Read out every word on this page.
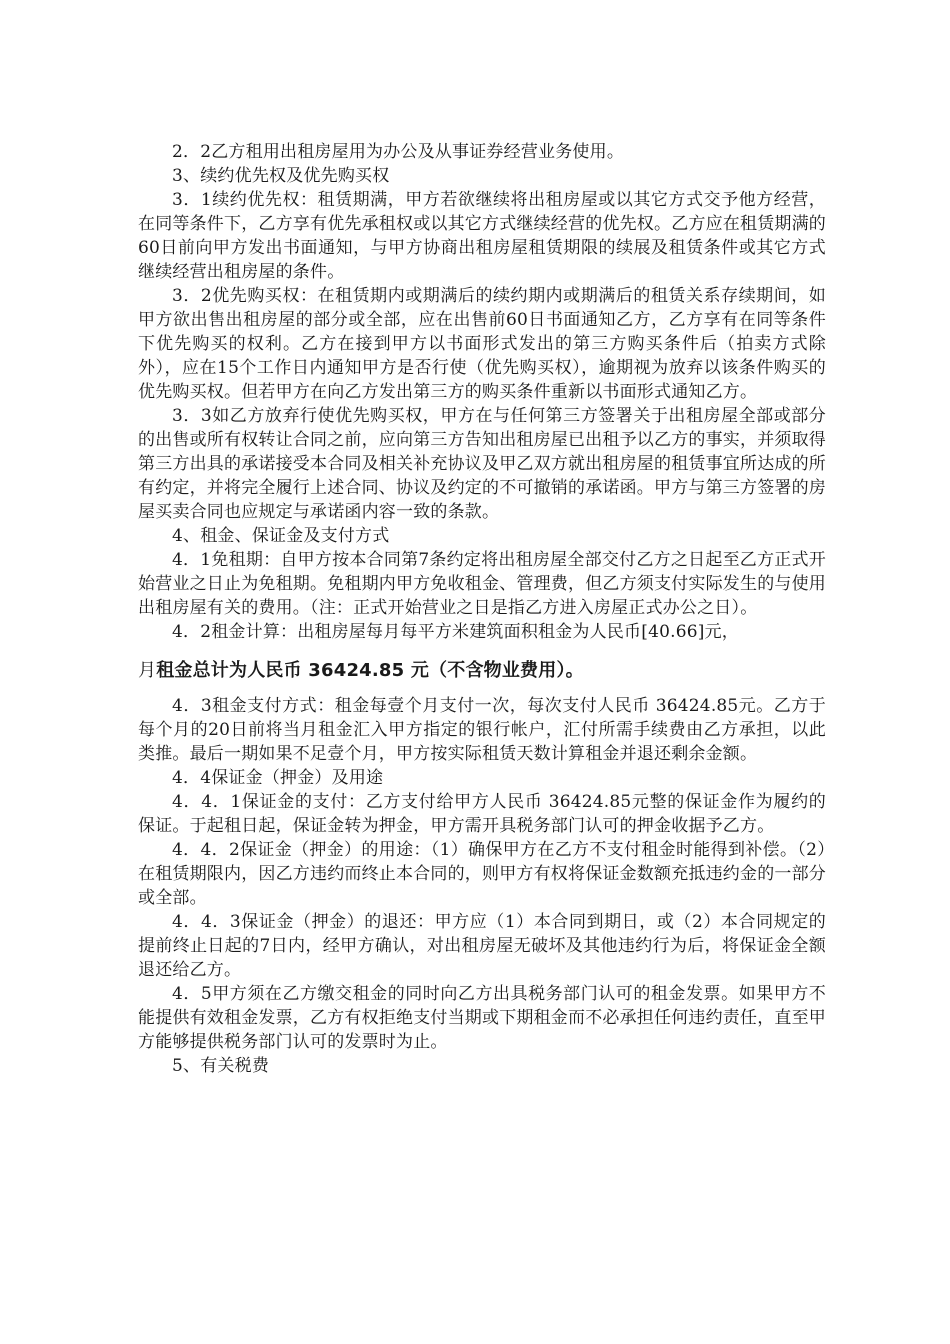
2．2乙方租用出租房屋用为办公及从事证券经营业务使用。

3、续约优先权及优先购买权

3．1续约优先权：租赁期满，甲方若欲继续将出租房屋或以其它方式交予他方经营，在同等条件下，乙方享有优先承租权或以其它方式继续经营的优先权。乙方应在租赁期满的60日前向甲方发出书面通知，与甲方协商出租房屋租赁期限的续展及租赁条件或其它方式继续经营出租房屋的条件。

3．2优先购买权：在租赁期内或期满后的续约期内或期满后的租赁关系存续期间，如甲方欲出售出租房屋的部分或全部，应在出售前60日书面通知乙方，乙方享有在同等条件下优先购买的权利。乙方在接到甲方以书面形式发出的第三方购买条件后（拍卖方式除外），应在15个工作日内通知甲方是否行使（优先购买权），逾期视为放弃以该条件购买的优先购买权。但若甲方在向乙方发出第三方的购买条件重新以书面形式通知乙方。

3．3如乙方放弃行使优先购买权，甲方在与任何第三方签署关于出租房屋全部或部分的出售或所有权转让合同之前，应向第三方告知出租房屋已出租予以乙方的事实，并须取得第三方出具的承诺接受本合同及相关补充协议及甲乙双方就出租房屋的租赁事宜所达成的所有约定，并将完全履行上述合同、协议及约定的不可撤销的承诺函。甲方与第三方签署的房屋买卖合同也应规定与承诺函内容一致的条款。

4、租金、保证金及支付方式

4．1免租期：自甲方按本合同第7条约定将出租房屋全部交付乙方之日起至乙方正式开始营业之日止为免租期。免租期内甲方免收租金、管理费，但乙方须支付实际发生的与使用出租房屋有关的费用。（注：正式开始营业之日是指乙方进入房屋正式办公之日）。

4．2租金计算：出租房屋每月每平方米建筑面积租金为人民币[40.66]元，

月租金总计为人民币 36424.85 元（不含物业费用）。

4．3租金支付方式：租金每壹个月支付一次，每次支付人民币 36424.85元。乙方于每个月的20日前将当月租金汇入甲方指定的银行帐户，汇付所需手续费由乙方承担，以此类推。最后一期如果不足壹个月，甲方按实际租赁天数计算租金并退还剩余金额。

4．4保证金（押金）及用途

4．4．1保证金的支付：乙方支付给甲方人民币 36424.85元整的保证金作为履约的保证。于起租日起，保证金转为押金，甲方需开具税务部门认可的押金收据予乙方。

4．4．2保证金（押金）的用途：（1）确保甲方在乙方不支付租金时能得到补偿。（2）在租赁期限内，因乙方违约而终止本合同的，则甲方有权将保证金数额充抵违约金的一部分或全部。

4．4．3保证金（押金）的退还：甲方应（1）本合同到期日，或（2）本合同规定的提前终止日起的7日内，经甲方确认，对出租房屋无破坏及其他违约行为后，将保证金全额退还给乙方。

4．5甲方须在乙方缴交租金的同时向乙方出具税务部门认可的租金发票。如果甲方不能提供有效租金发票，乙方有权拒绝支付当期或下期租金而不必承担任何违约责任，直至甲方能够提供税务部门认可的发票时为止。

5、有关税费
